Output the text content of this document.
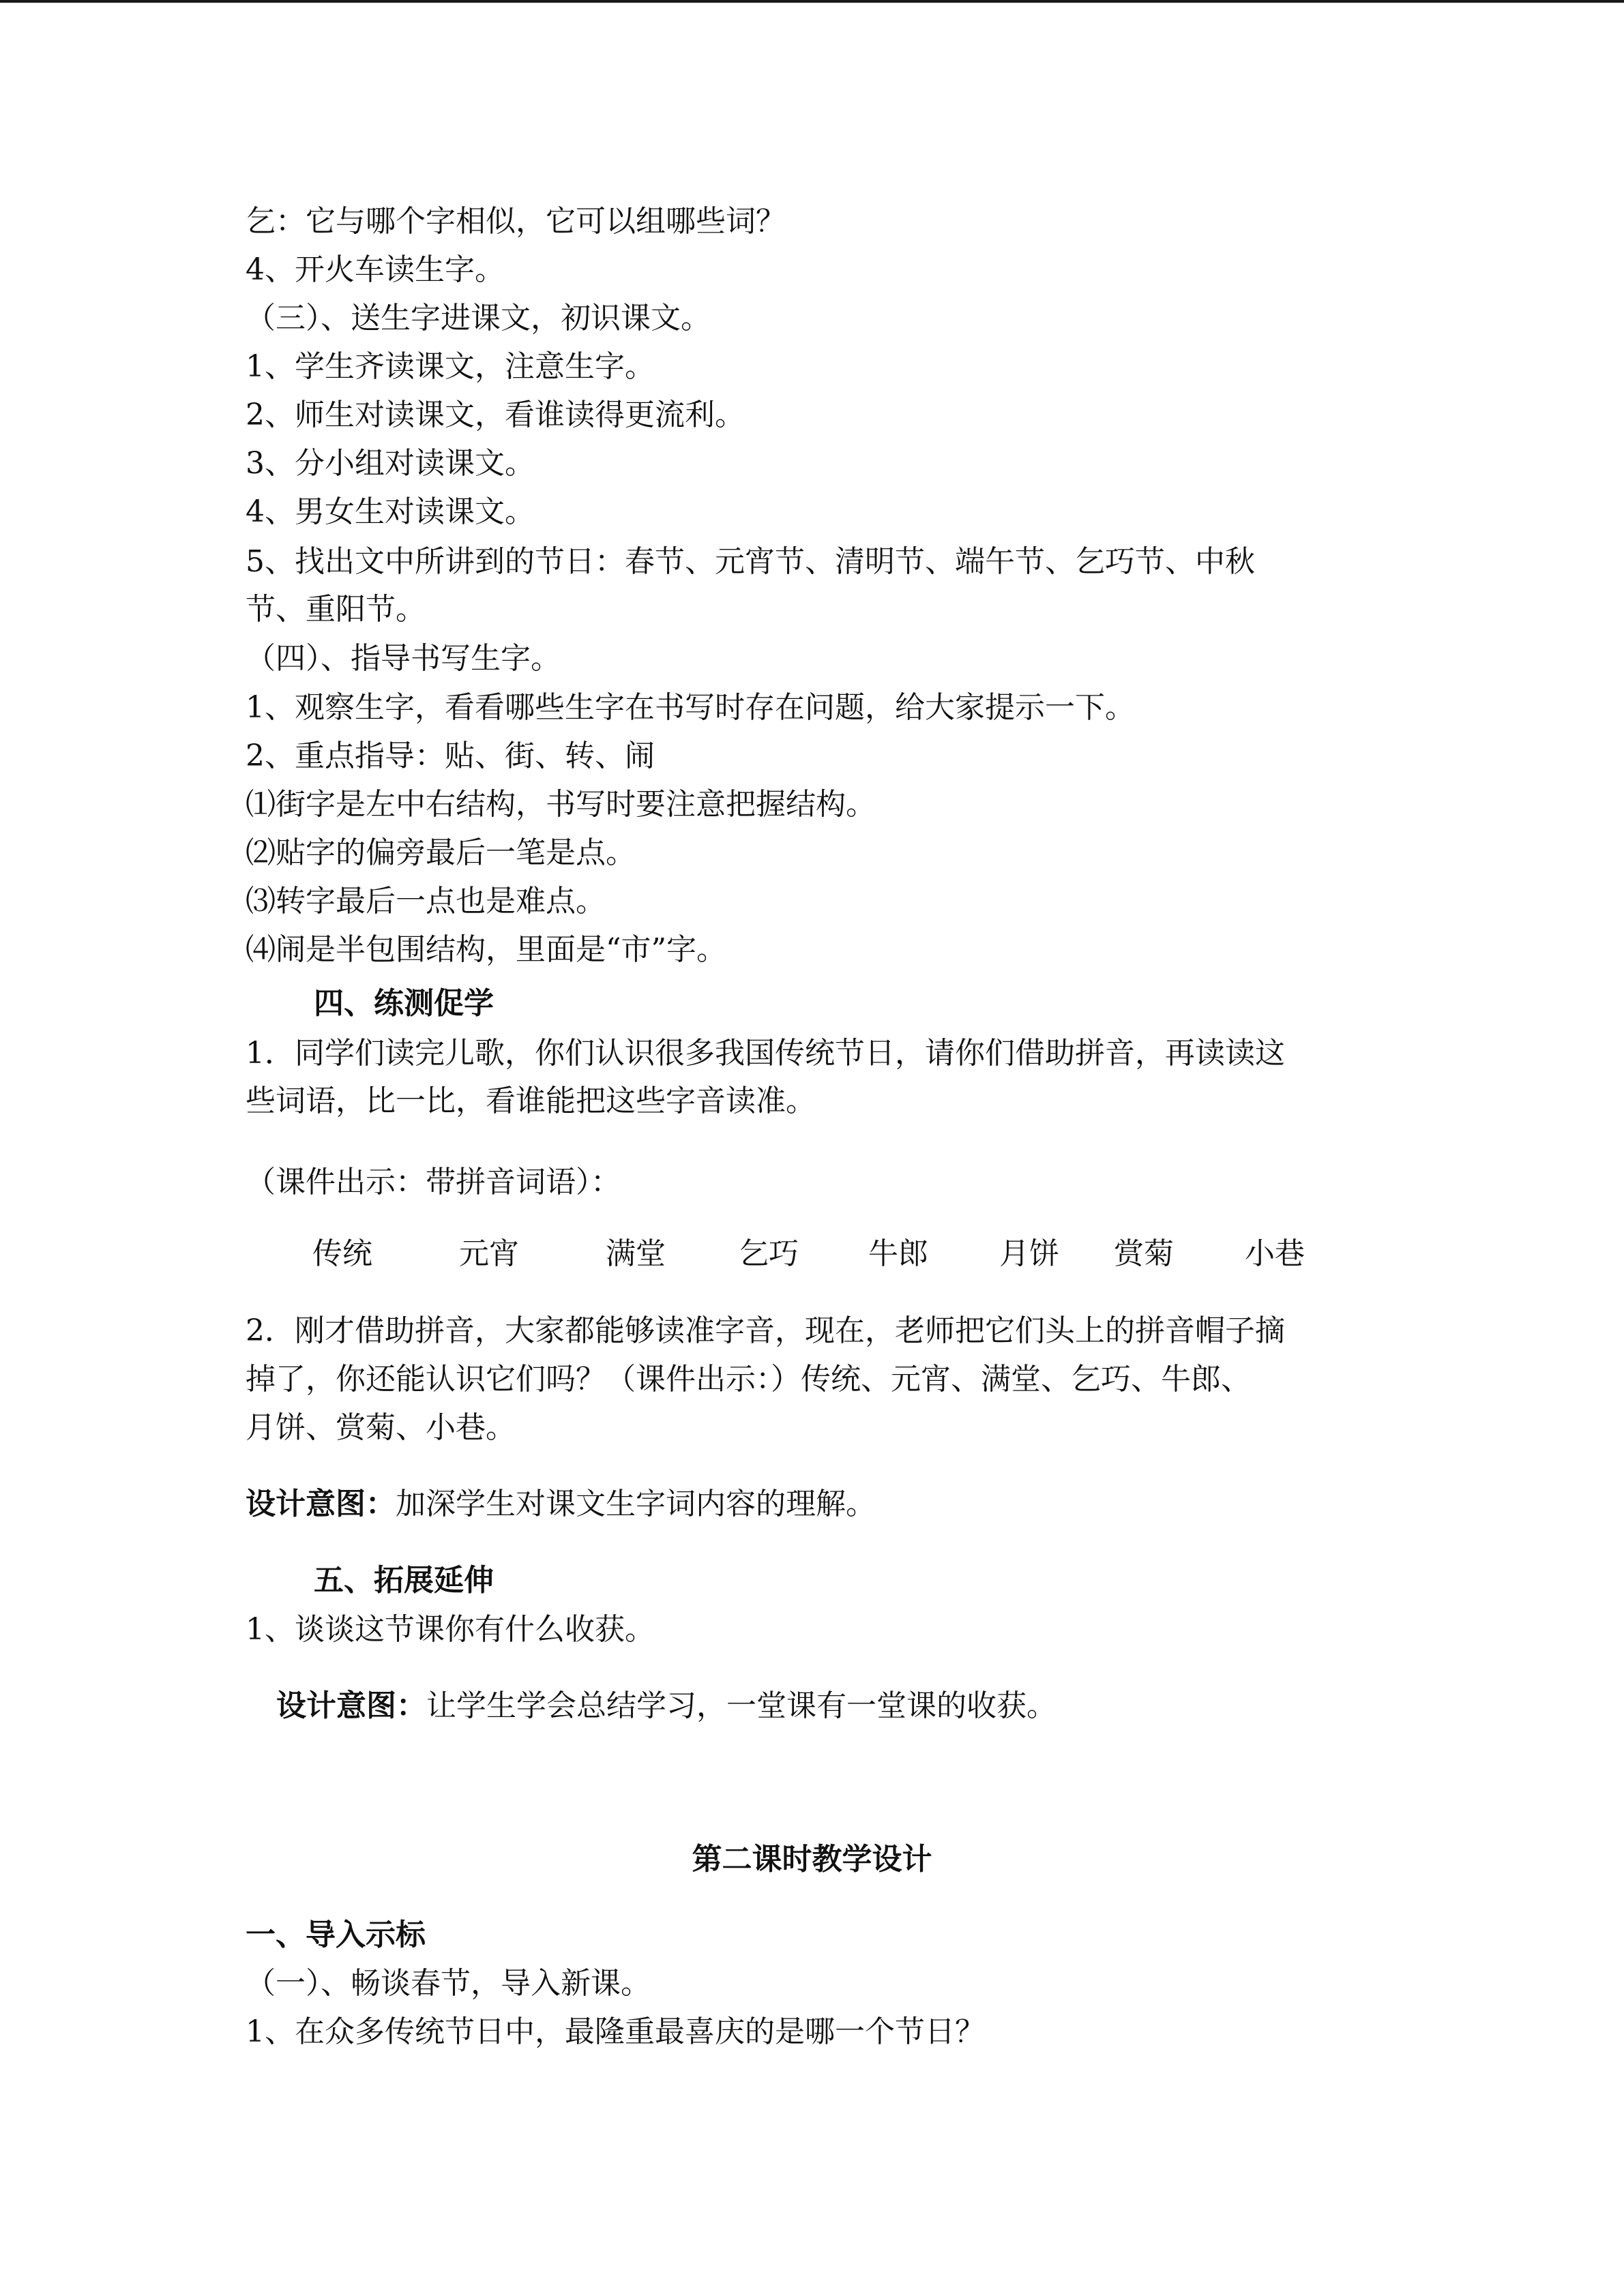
乞：它与哪个字相似，它可以组哪些词？
4、开火车读生字。
（三）、送生字进课文，初识课文。
1、学生齐读课文，注意生字。
2、师生对读课文，看谁读得更流利。
3、分小组对读课文。
4、男女生对读课文。
5、找出文中所讲到的节日：春节、元宵节、清明节、端午节、乞巧节、中秋
节、重阳节。
（四）、指导书写生字。
1、观察生字，看看哪些生字在书写时存在问题，给大家提示一下。
2、重点指导：贴、街、转、闹
⑴街字是左中右结构，书写时要注意把握结构。
⑵贴字的偏旁最后一笔是点。
⑶转字最后一点也是难点。
⑷闹是半包围结构，里面是“市”字。
四、练测促学
1．同学们读完儿歌，你们认识很多我国传统节日，请你们借助拼音，再读读这
些词语，比一比，看谁能把这些字音读准。
（课件出示：带拼音词语）：
传统	元宵	满堂 乞巧 牛郎 月饼 赏菊 小巷
2．刚才借助拼音，大家都能够读准字音，现在，老师把它们头上的拼音帽子摘
掉了，你还能认识它们吗？（课件出示：）传统、元宵、满堂、乞巧、牛郎、
月饼、赏菊、小巷。
设计意图：加深学生对课文生字词内容的理解。
五、拓展延伸
1、谈谈这节课你有什么收获。
设计意图：让学生学会总结学习，一堂课有一堂课的收获。
第二课时教学设计
一、导入示标
（一）、畅谈春节，导入新课。
1、在众多传统节日中，最隆重最喜庆的是哪一个节日？
